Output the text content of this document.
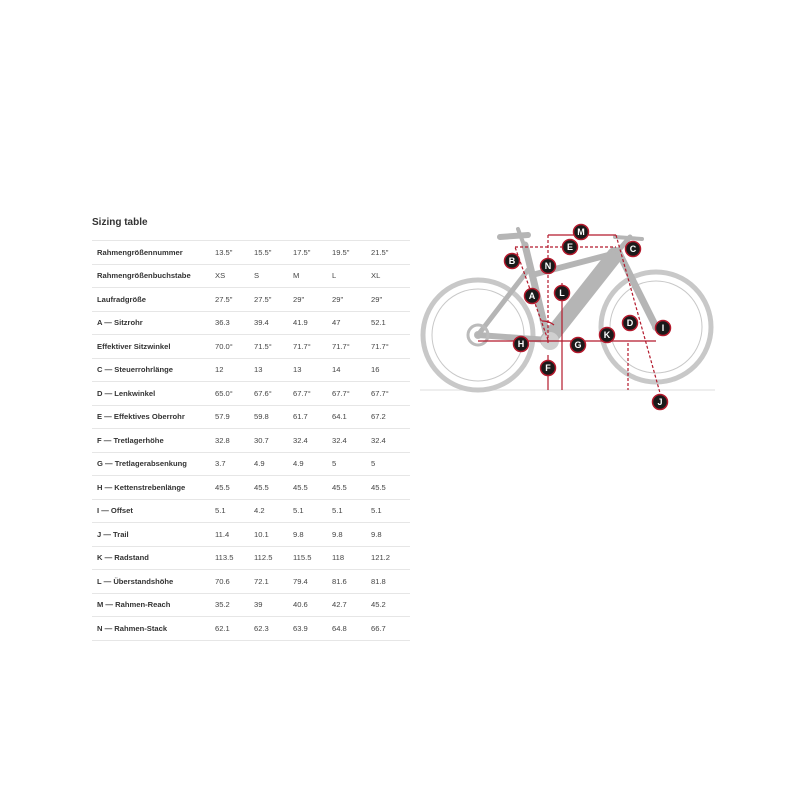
Sizing table
Rahmengrößennummer	13.5"	15.5"	17.5"	19.5"	21.5"
Rahmengrößenbuchstabe	XS	S	M	L	XL
Laufradgröße	27.5"	27.5"	29"	29"	29"
A — Sitzrohr	36.3	39.4	41.9	47	52.1
Effektiver Sitzwinkel	70.0°	71.5°	71.7°	71.7°	71.7°
C — Steuerrohrlänge	12	13	13	14	16
D — Lenkwinkel	65.0°	67.6°	67.7°	67.7°	67.7°
E — Effektives Oberrohr	57.9	59.8	61.7	64.1	67.2
F — Tretlagerhöhe	32.8	30.7	32.4	32.4	32.4
G — Tretlagerabsenkung	3.7	4.9	4.9	5	5
H — Kettenstrebenlänge	45.5	45.5	45.5	45.5	45.5
I — Offset	5.1	4.2	5.1	5.1	5.1
J — Trail	11.4	10.1	9.8	9.8	9.8
K — Radstand	113.5	112.5	115.5	118	121.2
L — Überstandshöhe	70.6	72.1	79.4	81.6	81.8
M — Rahmen-Reach	35.2	39	40.6	42.7	45.2
N — Rahmen-Stack	62.1	62.3	63.9	64.8	66.7
M
E	C
B	N
L
A
D	I
K
H	G
F
J
